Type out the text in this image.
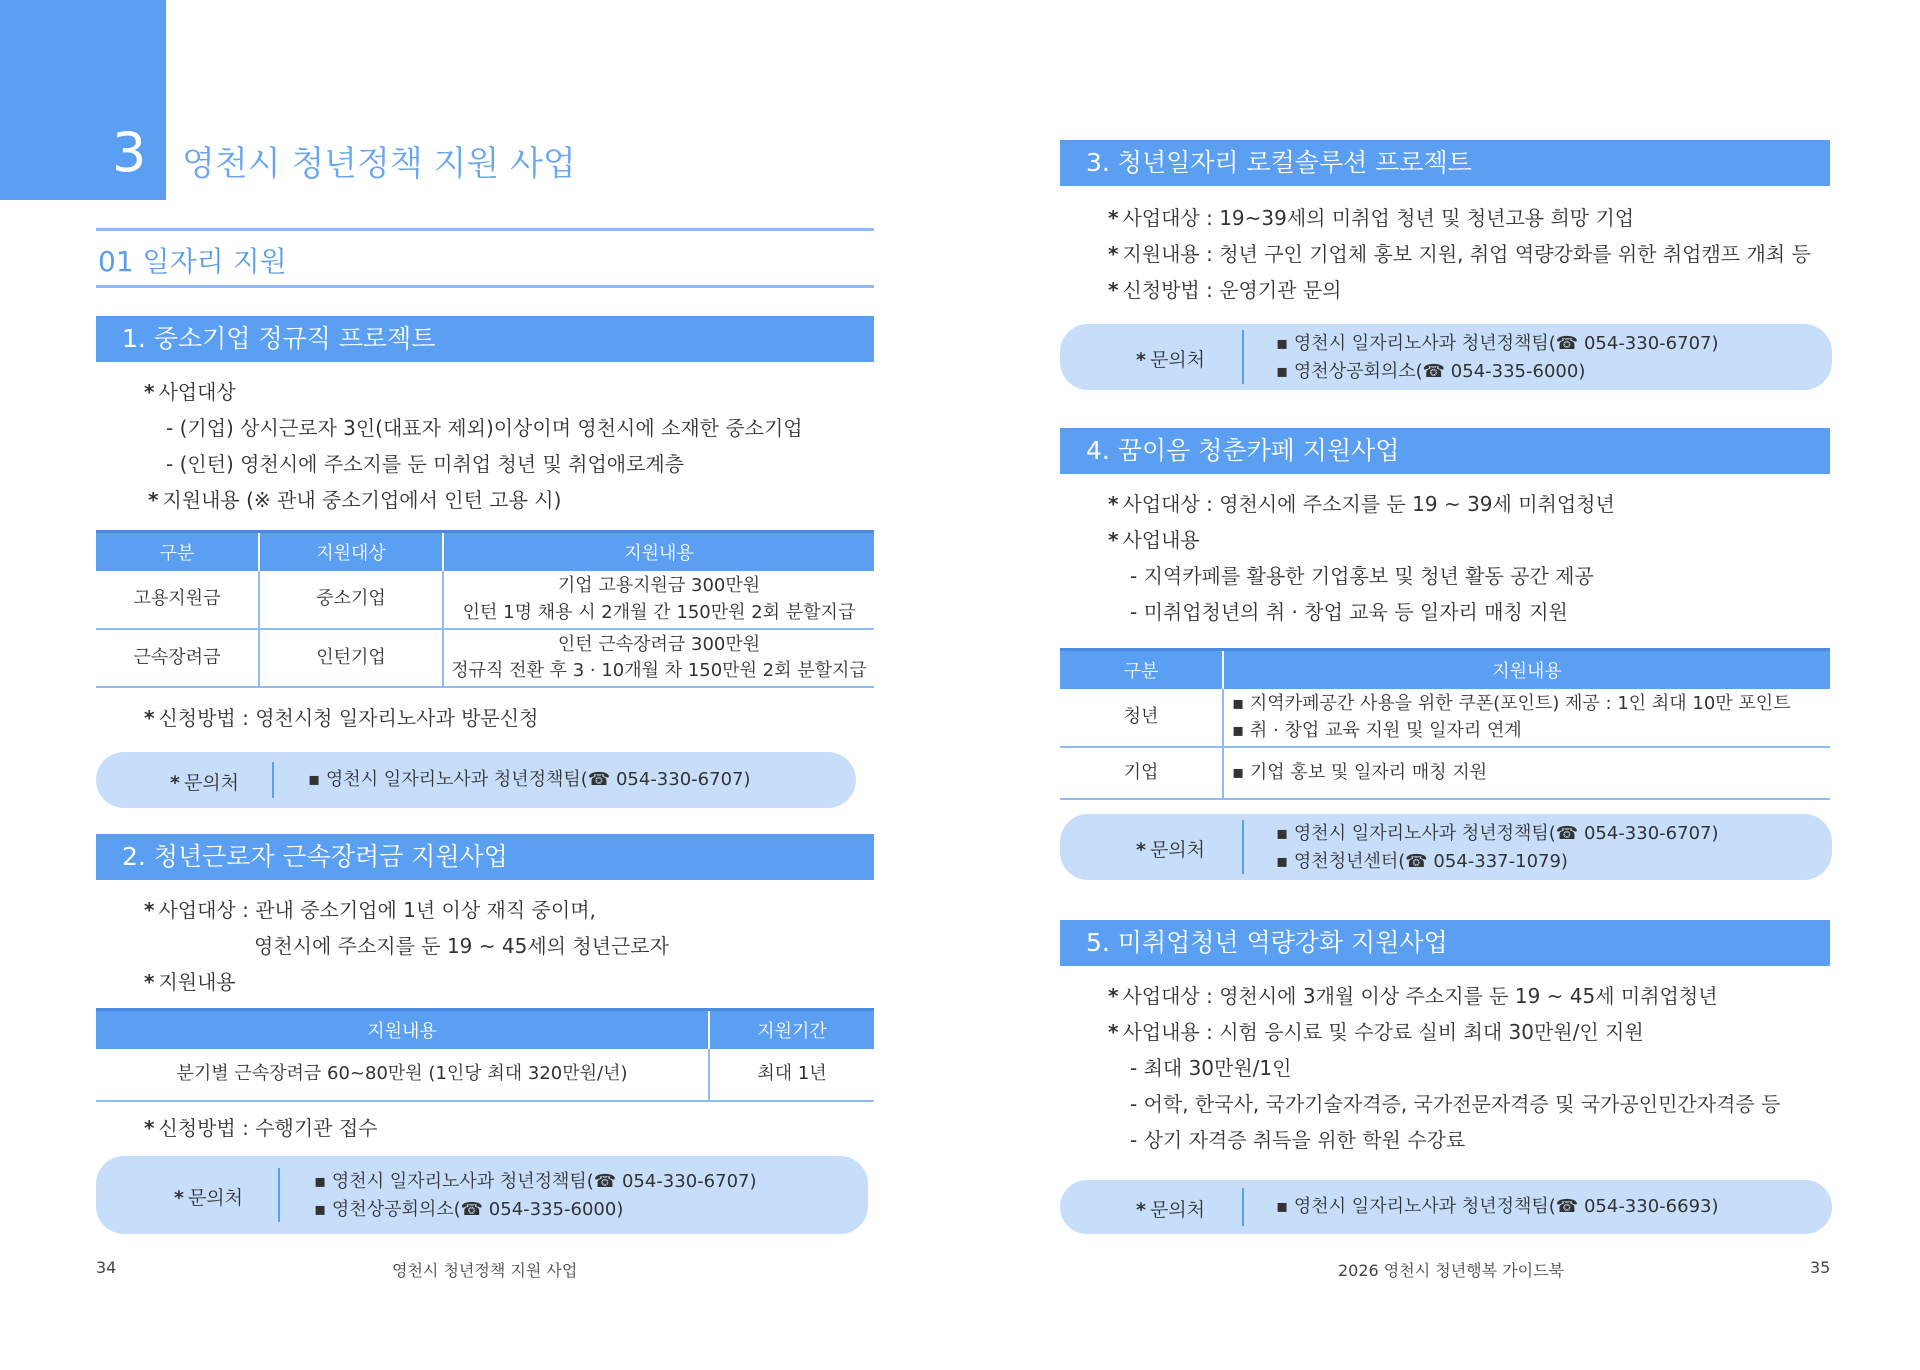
3 영천시 청년정책 지원 사업
01 일자리 지원
1. 중소기업 정규직 프로젝트
* 사업대상
- (기업) 상시근로자 3인(대표자 제외)이상이며 영천시에 소재한 중소기업
- (인턴) 영천시에 주소지를 둔 미취업 청년 및 취업애로계층
* 지원내용 (※ 관내 중소기업에서 인턴 고용 시)
구분	지원대상	지원내용
고용지원금	중소기업	기업 고용지원금 300만원
인턴 1명 채용 시 2개월 간 150만원 2회 분할지급

근속장려금	인턴기업	인턴 근속장려금 300만원
정규직 전환 후 3 · 10개월 차 150만원 2회 분할지급
* 신청방법 : 영천시청 일자리노사과 방문신청
* 문의처	▪ 영천시 일자리노사과 청년정책팀(☎ 054-330-6707)
2. 청년근로자 근속장려금 지원사업
* 사업대상 : 관내 중소기업에 1년 이상 재직 중이며,
영천시에 주소지를 둔 19 ~ 45세의 청년근로자
* 지원내용
지원내용	지원기간
분기별 근속장려금 60~80만원 (1인당 최대 320만원/년)	최대 1년
* 신청방법 : 수행기관 접수
* 문의처
▪ 영천시 일자리노사과 청년정책팀(☎ 054-330-6707)
▪ 영천상공회의소(☎ 054-335-6000)
3. 청년일자리 로컬솔루션 프로젝트
* 사업대상 : 19~39세의 미취업 청년 및 청년고용 희망 기업
* 지원내용 : 청년 구인 기업체 홍보 지원, 취업 역량강화를 위한 취업캠프 개최 등
* 신청방법 : 운영기관 문의
* 문의처
▪ 영천시 일자리노사과 청년정책팀(☎ 054-330-6707)
▪ 영천상공회의소(☎ 054-335-6000)
4. 꿈이음 청춘카페 지원사업
* 사업대상 : 영천시에 주소지를 둔 19 ~ 39세 미취업청년
* 사업내용
- 지역카페를 활용한 기업홍보 및 청년 활동 공간 제공
- 미취업청년의 취 · 창업 교육 등 일자리 매칭 지원
구분	지원내용
청년	▪ 지역카페공간 사용을 위한 쿠폰(포인트) 제공 : 1인 최대 10만 포인트
▪ 취 · 창업 교육 지원 및 일자리 연계

기업	▪ 기업 홍보 및 일자리 매칭 지원
* 문의처
▪ 영천시 일자리노사과 청년정책팀(☎ 054-330-6707)
▪ 영천청년센터(☎ 054-337-1079)
5. 미취업청년 역량강화 지원사업
* 사업대상 : 영천시에 3개월 이상 주소지를 둔 19 ~ 45세 미취업청년
* 사업내용 : 시험 응시료 및 수강료 실비 최대 30만원/인 지원
- 최대 30만원/1인
- 어학, 한국사, 국가기술자격증, 국가전문자격증 및 국가공인민간자격증 등
- 상기 자격증 취득을 위한 학원 수강료
* 문의처	▪ 영천시 일자리노사과 청년정책팀(☎ 054-330-6693)
34	영천시 청년정책 지원 사업	2026 영천시 청년행복 가이드북	35
